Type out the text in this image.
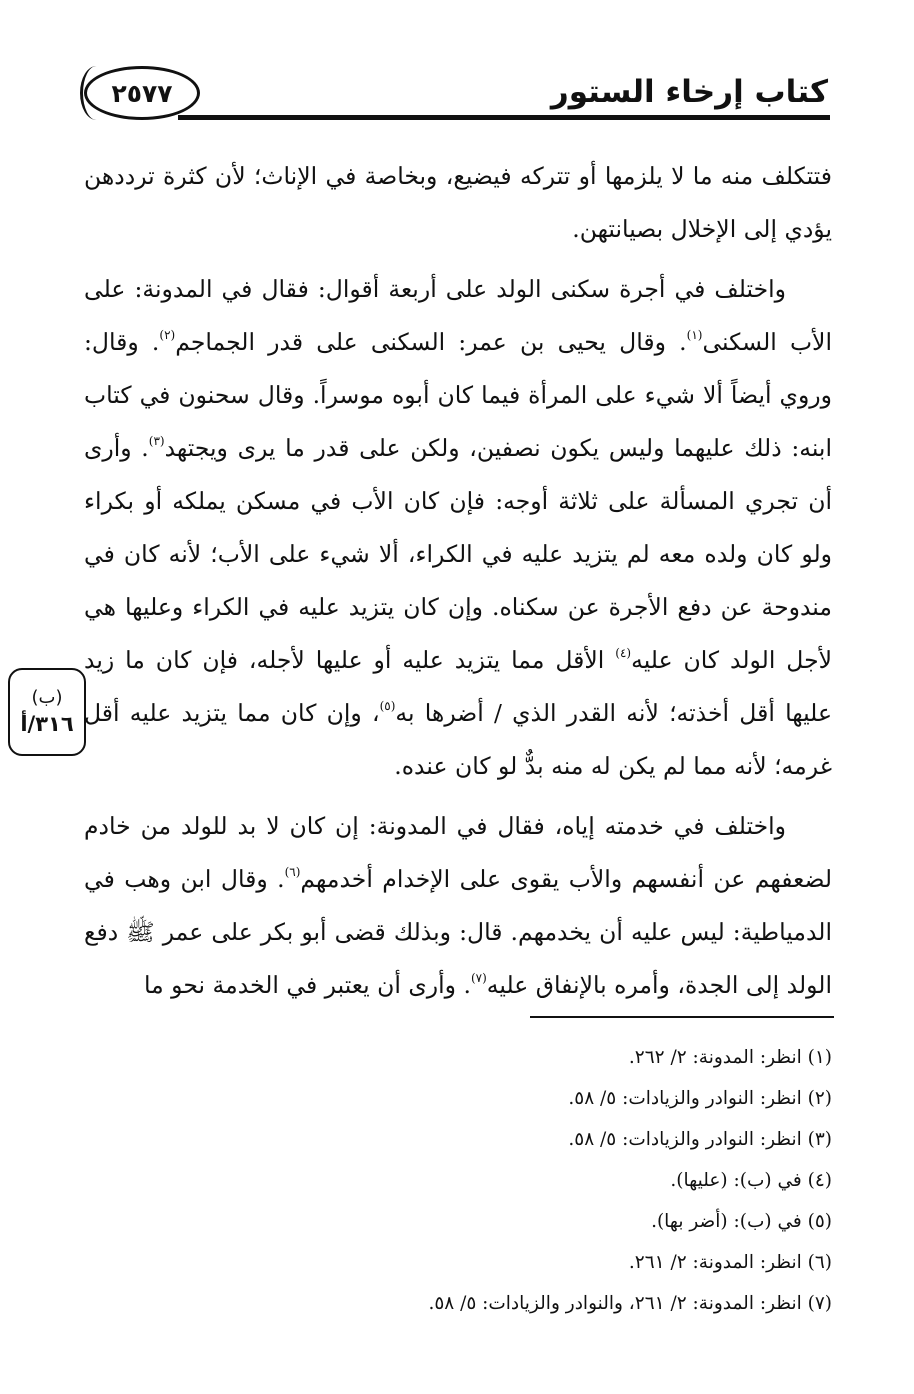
كتاب إرخاء الستور
٢٥٧٧

فتتكلف منه ما لا يلزمها أو تتركه فيضيع، وبخاصة في الإناث؛ لأن كثرة ترددهن يؤدي إلى الإخلال بصيانتهن.

واختلف في أجرة سكنى الولد على أربعة أقوال: فقال في المدونة: على الأب السكنى$^{(١)}$. وقال يحيى بن عمر: السكنى على قدر الجماجم$^{(٢)}$. وقال: وروي أيضاً ألا شيء على المرأة فيما كان أبوه موسراً. وقال سحنون في كتاب ابنه: ذلك عليهما وليس يكون نصفين، ولكن على قدر ما يرى ويجتهد$^{(٣)}$. وأرى أن تجري المسألة على ثلاثة أوجه: فإن كان الأب في مسكن يملكه أو بكراء ولو كان ولده معه لم يتزيد عليه في الكراء، ألا شيء على الأب؛ لأنه كان في مندوحة عن دفع الأجرة عن سكناه. وإن كان يتزيد عليه في الكراء وعليها هي لأجل الولد كان عليه$^{(٤)}$ الأقل مما يتزيد عليه أو عليها لأجله، فإن كان ما زيد عليها أقل أخذته؛ لأنه القدر الذي / أضرها به$^{(٥)}$، وإن كان مما يتزيد عليه أقل غرمه؛ لأنه مما لم يكن له منه بدٌّ لو كان عنده.

واختلف في خدمته إياه، فقال في المدونة: إن كان لا بد للولد من خادم لضعفهم عن أنفسهم والأب يقوى على الإخدام أخدمهم$^{(٦)}$. وقال ابن وهب في الدمياطية: ليس عليه أن يخدمهم. قال: وبذلك قضى أبو بكر على عمر ﷺ دفع الولد إلى الجدة، وأمره بالإنفاق عليه$^{(٧)}$. وأرى أن يعتبر في الخدمة نحو ما

(ب)
٣١٦/أ
(١) انظر: المدونة: ٢/ ٢٦٢.
(٢) انظر: النوادر والزيادات: ٥/ ٥٨.
(٣) انظر: النوادر والزيادات: ٥/ ٥٨.
(٤) في (ب): (عليها).
(٥) في (ب): (أضر بها).
(٦) انظر: المدونة: ٢/ ٢٦١.
(٧) انظر: المدونة: ٢/ ٢٦١، والنوادر والزيادات: ٥/ ٥٨.
